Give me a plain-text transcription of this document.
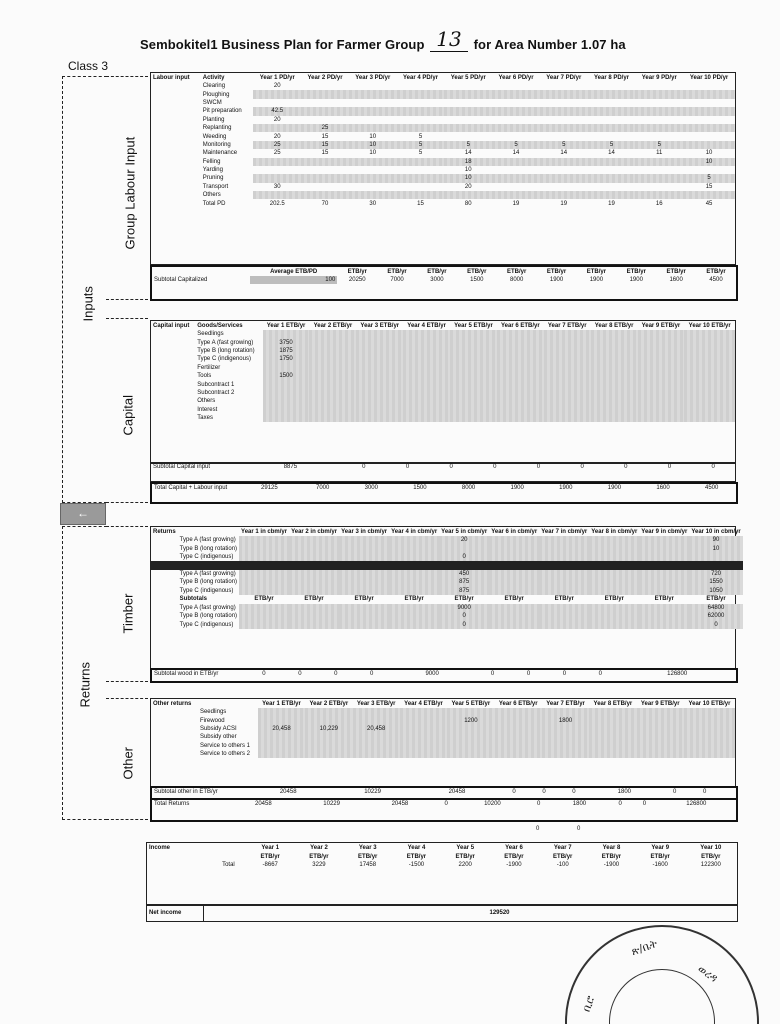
Sembokitel1 Business Plan for Farmer Group 13 for Area Number 1.07 ha
Class 3
Inputs
Group Labour Input
Capital
Returns
Timber
Other
←
Labour input	Activity	Year 1 PD/yr	Year 2 PD/yr	Year 3 PD/yr	Year 4 PD/yr	Year 5 PD/yr	Year 6 PD/yr	Year 7 PD/yr	Year 8 PD/yr	Year 9 PD/yr	Year 10 PD/yr
	Clearing	20									
	Ploughing										
	SWCM										
	Pit preparation	42.5									
	Planting	20									
	Replanting		25								
	Weeding	20	15	10	5						
	Monitoring	25	15	10	5	5	5	5	5	5	
	Maintenance	25	15	10	5	14	14	14	14	11	10
	Felling					18					10
	Yarding					10					
	Pruning					10					5
	Transport	30				20					15
	Others										
	Total PD	202.5	70	30	15	80	19	19	19	16	45
	Average ETB/PD	ETB/yr	ETB/yr	ETB/yr	ETB/yr	ETB/yr	ETB/yr	ETB/yr	ETB/yr	ETB/yr	ETB/yr
Subtotal Capitalized	100	20250	7000	3000	1500	8000	1900	1900	1900	1600	4500
Capital input	Goods/Services	Year 1 ETB/yr	Year 2 ETB/yr	Year 3 ETB/yr	Year 4 ETB/yr	Year 5 ETB/yr	Year 6 ETB/yr	Year 7 ETB/yr	Year 8 ETB/yr	Year 9 ETB/yr	Year 10 ETB/yr
	Seedlings										
	Type A (fast growing)	3750									
	Type B (long rotation)	1875									
	Type C (indigenous)	1750									
	Fertilizer										
	Tools	1500									
	Subcontract 1										
	Subcontract 2										
	Others										
	Interest										
	Taxes										
Subtotal Capital input		8875	0	0	0	0	0	0	0	0	0
Total Capital + Labour input		29125	7000	3000	1500	8000	1900	1900	1900	1600	4500
Returns		Year 1 in cbm/yr	Year 2 in cbm/yr	Year 3 in cbm/yr	Year 4 in cbm/yr	Year 5 in cbm/yr	Year 6 in cbm/yr	Year 7 in cbm/yr	Year 8 in cbm/yr	Year 9 in cbm/yr	Year 10 in cbm/yr
	Type A (fast growing)					20					90
	Type B (long rotation)										10
	Type C (indigenous)					0					

	Type A (fast growing)					450					720
	Type B (long rotation)					875					1550
	Type C (indigenous)					875					1050
	Subtotals	ETB/yr	ETB/yr	ETB/yr	ETB/yr	ETB/yr	ETB/yr	ETB/yr	ETB/yr	ETB/yr	ETB/yr
	Type A (fast growing)					9000					64800
	Type B (long rotation)					0					62000
	Type C (indigenous)					0					0
Subtotal wood in ETB/yr	0	0	0	0	9000	0	0	0	0	126800
Other returns		Year 1 ETB/yr	Year 2 ETB/yr	Year 3 ETB/yr	Year 4 ETB/yr	Year 5 ETB/yr	Year 6 ETB/yr	Year 7 ETB/yr	Year 8 ETB/yr	Year 9 ETB/yr	Year 10 ETB/yr
	Seedlings										
	Firewood					1200		1800			
	Subsidy ACSI	20,458	10,229	20,458							
	Subsidy other										
	Service to others 1										
	Service to others 2										
Subtotal other in ETB/yr	20458	10229	20458	0	0	0	1800	0	0	
Total Returns		20458	10229	20458	0	10200	0	1800	0	0	126800
0	0
Income		Year 1	Year 2	Year 3	Year 4	Year 5	Year 6	Year 7	Year 8	Year 9	Year 10
		ETB/yr	ETB/yr	ETB/yr	ETB/yr	ETB/yr	ETB/yr	ETB/yr	ETB/yr	ETB/yr	ETB/yr
	Total	-8667	3229	17458	-1500	2200	-1900	-100	-1900	-1600	122300
Net income	129520
ጽ/ቤት
ወረዳ
ቢሮ
